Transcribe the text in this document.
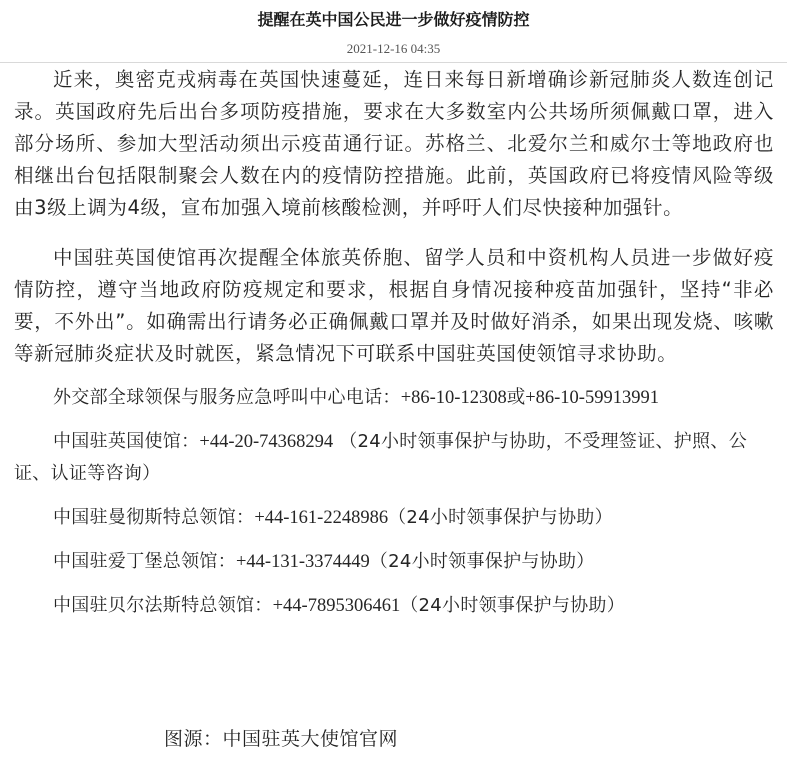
提醒在英中国公民进一步做好疫情防控
2021-12-16 04:35

近来，奥密克戎病毒在英国快速蔓延，连日来每日新增确诊新冠肺炎人数连创记录。英国政府先后出台多项防疫措施，要求在大多数室内公共场所须佩戴口罩，进入部分场所、参加大型活动须出示疫苗通行证。苏格兰、北爱尔兰和威尔士等地政府也相继出台包括限制聚会人数在内的疫情防控措施。此前，英国政府已将疫情风险等级由3级上调为4级，宣布加强入境前核酸检测，并呼吁人们尽快接种加强针。

中国驻英国使馆再次提醒全体旅英侨胞、留学人员和中资机构人员进一步做好疫情防控，遵守当地政府防疫规定和要求，根据自身情况接种疫苗加强针，坚持“非必要，不外出”。如确需出行请务必正确佩戴口罩并及时做好消杀，如果出现发烧、咳嗽等新冠肺炎症状及时就医，紧急情况下可联系中国驻英国使领馆寻求协助。

外交部全球领保与服务应急呼叫中心电话：+86-10-12308或+86-10-59913991

中国驻英国使馆：+44-20-74368294 （24小时领事保护与协助，不受理签证、护照、公证、认证等咨询）

中国驻曼彻斯特总领馆：+44-161-2248986（24小时领事保护与协助）

中国驻爱丁堡总领馆：+44-131-3374449（24小时领事保护与协助）

中国驻贝尔法斯特总领馆：+44-7895306461（24小时领事保护与协助）

图源：中国驻英大使馆官网
